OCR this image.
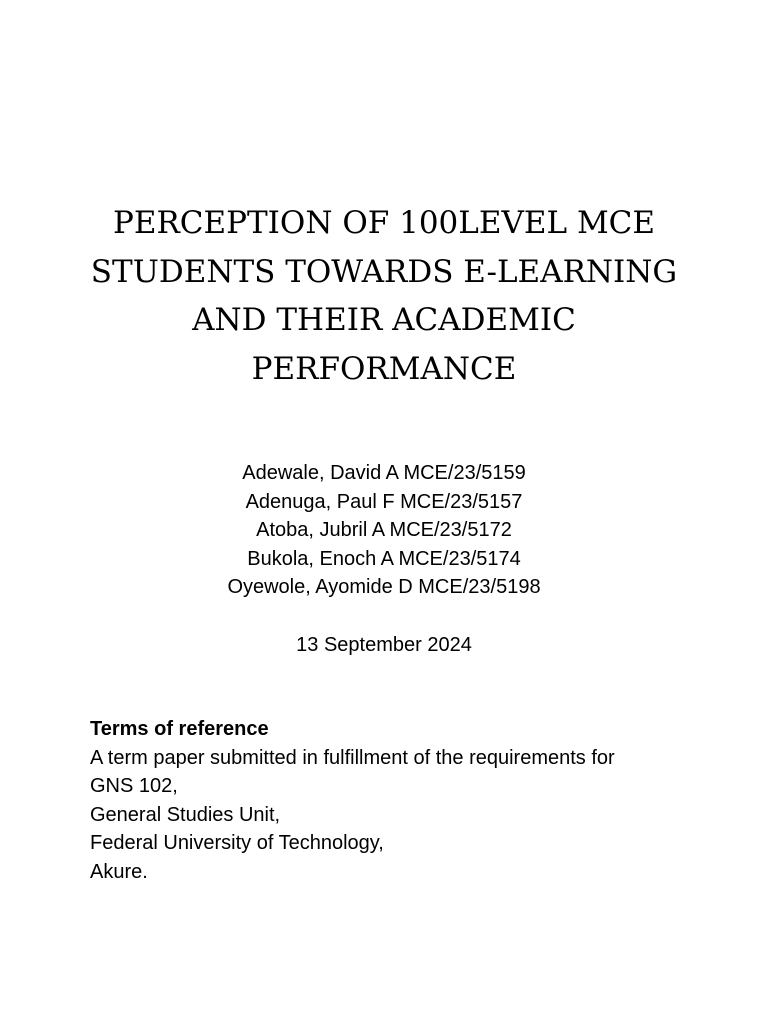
PERCEPTION OF 100LEVEL MCE
STUDENTS TOWARDS E-LEARNING
AND THEIR ACADEMIC
PERFORMANCE
Adewale, David A MCE/23/5159
Adenuga, Paul F MCE/23/5157
Atoba, Jubril A MCE/23/5172
Bukola, Enoch A MCE/23/5174
Oyewole, Ayomide D MCE/23/5198
13 September 2024
Terms of reference
A term paper submitted in fulfillment of the requirements for
GNS 102,
General Studies Unit,
Federal University of Technology,
Akure.
